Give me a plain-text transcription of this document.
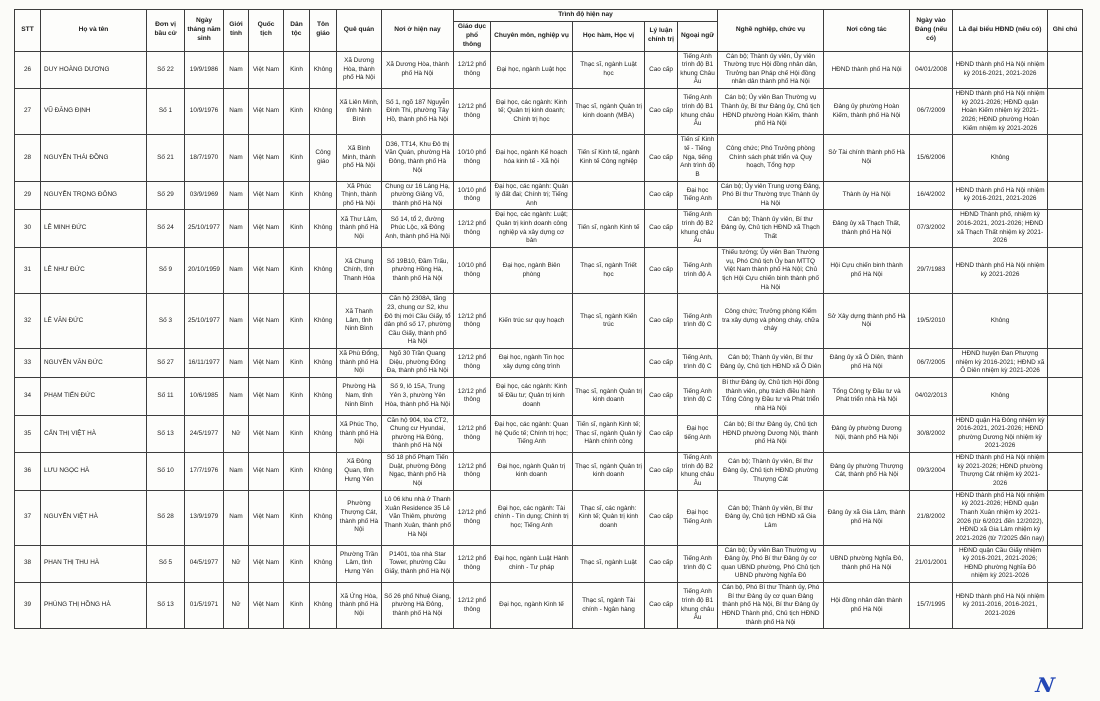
STT	Họ và tên	Đơn vị bầu cử	Ngày tháng năm sinh	Giới tính	Quốc tịch	Dân tộc	Tôn giáo	Quê quán	Nơi ở hiện nay	Trình độ hiện nay					Nghề nghiệp, chức vụ	Nơi công tác	Ngày vào Đảng (nếu có)	Là đại biểu HĐND (nếu có)	Ghi chú
										Giáo dục phổ thông	Chuyên môn, nghiệp vụ	Học hàm, Học vị	Lý luận chính trị	Ngoại ngữ					
26	DUY HOÀNG DƯƠNG	Số 22	19/9/1986	Nam	Việt Nam	Kinh	Không	Xã Dương Hòa, thành phố Hà Nội	Xã Dương Hòa, thành phố Hà Nội	12/12 phổ thông	Đại học, ngành Luật học	Thạc sĩ, ngành Luật học	Cao cấp	Tiếng Anh trình độ B1 khung Châu Âu	Cán bộ; Thành ủy viên, Ủy viên Thường trực Hội đồng nhân dân, Trưởng ban Pháp chế Hội đồng nhân dân thành phố Hà Nội	HĐND thành phố Hà Nội	04/01/2008	HĐND thành phố Hà Nội nhiệm kỳ 2016-2021, 2021-2026	
27	VŨ ĐĂNG ĐỊNH	Số 1	10/9/1976	Nam	Việt Nam	Kinh	Không	Xã Liên Minh, tỉnh Ninh Bình	Số 1, ngõ 187 Nguyễn Đình Thi, phường Tây Hồ, thành phố Hà Nội	12/12 phổ thông	Đại học, các ngành: Kinh tế; Quản trị kinh doanh; Chính trị học	Thạc sĩ, ngành Quản trị kinh doanh (MBA)	Cao cấp	Tiếng Anh trình độ B1 khung châu Âu	Cán bộ; Ủy viên Ban Thường vụ Thành ủy, Bí thư Đảng ủy, Chủ tịch HĐND phường Hoàn Kiếm, thành phố Hà Nội	Đảng ủy phường Hoàn Kiếm, thành phố Hà Nội	06/7/2009	HĐND thành phố Hà Nội nhiệm kỳ 2021-2026; HĐND quận Hoàn Kiếm nhiệm kỳ 2021-2026; HĐND phường Hoàn Kiếm nhiệm kỳ 2021-2026	
28	NGUYỄN THÁI ĐỒNG	Số 21	18/7/1970	Nam	Việt Nam	Kinh	Công giáo	Xã Bình Minh, thành phố Hà Nội	D36, TT14, Khu Đô thị Văn Quán, phường Hà Đông, thành phố Hà Nội	10/10 phổ thông	Đại học, ngành Kế hoạch hóa kinh tế - Xã hội	Tiến sĩ Kinh tế, ngành Kinh tế Công nghiệp	Cao cấp	Tiến sĩ Kinh tế - Tiếng Nga, tiếng Anh trình độ B	Công chức; Phó Trưởng phòng Chính sách phát triển và Quy hoạch, Tổng hợp	Sở Tài chính thành phố Hà Nội	15/6/2006	Không	
29	NGUYỄN TRỌNG ĐÔNG	Số 29	03/9/1969	Nam	Việt Nam	Kinh	Không	Xã Phúc Thịnh, thành phố Hà Nội	Chung cư 16 Láng Hạ, phường Giảng Võ, thành phố Hà Nội	10/10 phổ thông	Đại học, các ngành: Quản lý đất đai; Chính trị; Tiếng Anh		Cao cấp	Đại học Tiếng Anh	Cán bộ; Ủy viên Trung ương Đảng, Phó Bí thư Thường trực Thành ủy Hà Nội	Thành ủy Hà Nội	16/4/2002	HĐND thành phố Hà Nội nhiệm kỳ 2016-2021, 2021-2026	
30	LÊ MINH ĐỨC	Số 24	25/10/1977	Nam	Việt Nam	Kinh	Không	Xã Thư Lâm, thành phố Hà Nội	Số 14, tổ 2, đường Phúc Lộc, xã Đông Anh, thành phố Hà Nội	12/12 phổ thông	Đại học, các ngành: Luật; Quản trị kinh doanh công nghiệp và xây dựng cơ bản	Tiến sĩ, ngành Kinh tế	Cao cấp	Tiếng Anh trình độ B2 khung châu Âu	Cán bộ; Thành ủy viên, Bí thư Đảng ủy, Chủ tịch HĐND xã Thạch Thất	Đảng ủy xã Thạch Thất, thành phố Hà Nội	07/3/2002	HĐND Thành phố, nhiệm kỳ 2016-2021, 2021-2026; HĐND xã Thạch Thất nhiệm kỳ 2021-2026	
31	LÊ NHƯ ĐỨC	Số 9	20/10/1959	Nam	Việt Nam	Kinh	Không	Xã Chung Chính, tỉnh Thanh Hóa	Số 19B10, Đầm Trấu, phường Hồng Hà, thành phố Hà Nội	10/10 phổ thông	Đại học, ngành Biên phòng	Thạc sĩ, ngành Triết học	Cao cấp	Tiếng Anh trình độ A	Thiếu tướng; Ủy viên Ban Thường vụ, Phó Chủ tịch Ủy ban MTTQ Việt Nam thành phố Hà Nội; Chủ tịch Hội Cựu chiến binh thành phố Hà Nội	Hội Cựu chiến binh thành phố Hà Nội	29/7/1983	HĐND thành phố Hà Nội nhiệm kỳ 2021-2026	
32	LÊ VĂN ĐỨC	Số 3	25/10/1977	Nam	Việt Nam	Kinh	Không	Xã Thanh Lâm, tỉnh Ninh Bình	Căn hộ 2308A, tầng 23, chung cư S2, khu Đô thị mới Cầu Giấy, tổ dân phố số 17, phường Cầu Giấy, thành phố Hà Nội	12/12 phổ thông	Kiến trúc sư quy hoạch	Thạc sĩ, ngành Kiến trúc	Cao cấp	Tiếng Anh trình độ C	Công chức; Trưởng phòng Kiểm tra xây dựng và phòng cháy, chữa cháy	Sở Xây dựng thành phố Hà Nội	19/5/2010	Không	
33	NGUYỄN VĂN ĐỨC	Số 27	16/11/1977	Nam	Việt Nam	Kinh	Không	Xã Phù Đổng, thành phố Hà Nội	Ngõ 30 Trần Quang Diệu, phường Đống Đa, thành phố Hà Nội	12/12 phổ thông	Đại học, ngành Tin học xây dựng công trình		Cao cấp	Tiếng Anh, trình độ C	Cán bộ; Thành ủy viên, Bí thư Đảng ủy, Chủ tịch HĐND xã Ô Diên	Đảng ủy xã Ô Diên, thành phố Hà Nội	06/7/2005	HĐND huyện Đan Phượng nhiệm kỳ 2016-2021; HĐND xã Ô Diên nhiệm kỳ 2021-2026	
34	PHẠM TIẾN ĐỨC	Số 11	10/6/1985	Nam	Việt Nam	Kinh	Không	Phường Hà Nam, tỉnh Ninh Bình	Số 9, lô 15A, Trung Yên 3, phường Yên Hòa, thành phố Hà Nội	12/12 phổ thông	Đại học, các ngành: Kinh tế Đầu tư; Quản trị kinh doanh	Thạc sĩ, ngành Quản trị kinh doanh	Cao cấp	Tiếng Anh trình độ C	Bí thư Đảng ủy, Chủ tịch Hội đồng thành viên, phụ trách điều hành Tổng Công ty Đầu tư và Phát triển nhà Hà Nội	Tổng Công ty Đầu tư và Phát triển nhà Hà Nội	04/02/2013	Không	
35	CẤN THỊ VIỆT HÀ	Số 13	24/5/1977	Nữ	Việt Nam	Kinh	Không	Xã Phúc Thọ, thành phố Hà Nội	Căn hộ 904, tòa CT2, Chung cư Hyundai, phường Hà Đông, thành phố Hà Nội	12/12 phổ thông	Đại học, các ngành: Quan hệ Quốc tế; Chính trị học; Tiếng Anh	Tiến sĩ, ngành Kinh tế; Thạc sĩ, ngành Quản lý Hành chính công	Cao cấp	Đại học tiếng Anh	Cán bộ; Bí thư Đảng ủy, Chủ tịch HĐND phường Dương Nội, thành phố Hà Nội	Đảng ủy phường Dương Nội, thành phố Hà Nội	30/8/2002	HĐND quận Hà Đông nhiệm kỳ 2016-2021, 2021-2026; HĐND phường Dương Nội nhiệm kỳ 2021-2026	
36	LƯU NGỌC HÀ	Số 10	17/7/1976	Nam	Việt Nam	Kinh	Không	Xã Đông Quan, tỉnh Hưng Yên	Số 18 phố Phạm Tiến Duật, phường Đông Ngạc, thành phố Hà Nội	12/12 phổ thông	Đại học, ngành Quản trị kinh doanh	Thạc sĩ, ngành Quản trị kinh doanh	Cao cấp	Tiếng Anh trình độ B2 khung châu Âu	Cán bộ; Thành ủy viên, Bí thư Đảng ủy, Chủ tịch HĐND phường Thượng Cát	Đảng ủy phường Thượng Cát, thành phố Hà Nội	09/3/2004	HĐND thành phố Hà Nội nhiệm kỳ 2021-2026; HĐND phường Thượng Cát nhiệm kỳ 2021-2026	
37	NGUYỄN VIỆT HÀ	Số 28	13/9/1979	Nam	Việt Nam	Kinh	Không	Phường Thượng Cát, thành phố Hà Nội	Lô 06 khu nhà ở Thanh Xuân Residence 35 Lê Văn Thiêm, phường Thanh Xuân, thành phố Hà Nội	12/12 phổ thông	Đại học, các ngành: Tài chính - Tín dụng; Chính trị học; Tiếng Anh	Thạc sĩ, các ngành: Kinh tế; Quản trị kinh doanh	Cao cấp	Đại học Tiếng Anh	Cán bộ; Thành ủy viên, Bí thư Đảng ủy, Chủ tịch HĐND xã Gia Lâm	Đảng ủy xã Gia Lâm, thành phố Hà Nội	21/8/2002	HĐND thành phố Hà Nội nhiệm kỳ 2021-2026; HĐND quận Thanh Xuân nhiệm kỳ 2021-2026 (từ 6/2021 đến 12/2022), HĐND xã Gia Lâm nhiệm kỳ 2021-2026 (từ 7/2025 đến nay)	
38	PHAN THỊ THU HÀ	Số 5	04/5/1977	Nữ	Việt Nam	Kinh	Không	Phường Trần Lâm, tỉnh Hưng Yên	P1401, tòa nhà Star Tower, phường Cầu Giấy, thành phố Hà Nội	12/12 phổ thông	Đại học, ngành Luật Hành chính - Tư pháp	Thạc sĩ, ngành Luật	Cao cấp	Tiếng Anh trình độ C	Cán bộ; Ủy viên Ban Thường vụ Đảng ủy, Phó Bí thư Đảng ủy cơ quan UBND phường, Phó Chủ tịch UBND phường Nghĩa Đô	UBND phường Nghĩa Đô, thành phố Hà Nội	21/01/2001	HĐND quận Cầu Giấy nhiệm kỳ 2016-2021, 2021-2026; HĐND phường Nghĩa Đô nhiệm kỳ 2021-2026	
39	PHÙNG THỊ HỒNG HÀ	Số 13	01/5/1971	Nữ	Việt Nam	Kinh	Không	Xã Ứng Hòa, thành phố Hà Nội	Số 26 phố Nhuệ Giang, phường Hà Đông, thành phố Hà Nội	12/12 phổ thông	Đại học, ngành Kinh tế	Thạc sĩ, ngành Tài chính - Ngân hàng	Cao cấp	Tiếng Anh trình độ B1 khung châu Âu	Cán bộ, Phó Bí thư Thành ủy, Phó Bí thư Đảng ủy cơ quan Đảng thành phố Hà Nội, Bí thư Đảng ủy HĐND Thành phố, Chủ tịch HĐND thành phố Hà Nội	Hội đồng nhân dân thành phố Hà Nội	15/7/1995	HĐND thành phố Hà Nội nhiệm kỳ 2011-2016, 2016-2021, 2021-2026	
N
